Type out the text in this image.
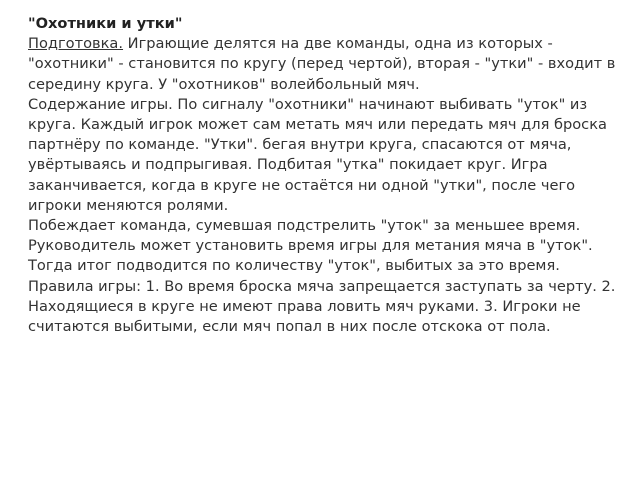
"Охотники и утки"

Подготовка. Играющие делятся на две команды, одна из которых - "охотники" - становится по кругу (перед чертой), вторая - "утки" - входит в середину круга. У "охотников" волейбольный мяч.

Содержание игры. По сигналу "охотники" начинают выбивать "уток" из круга. Каждый игрок может сам метать мяч или передать мяч для броска партнёру по команде. "Утки". бегая внутри круга, спасаются от мяча, увёртываясь и подпрыгивая. Подбитая "утка" покидает круг. Игра заканчивается, когда в круге не остаётся ни одной "утки", после чего игроки меняются ролями.

Побеждает команда, сумевшая подстрелить "уток" за меньшее время. Руководитель может установить время игры для метания мяча в "уток". Тогда итог подводится по количеству "уток", выбитых за это время.

Правила игры: 1. Во время броска мяча запрещается заступать за черту. 2. Находящиеся в круге не имеют права ловить мяч руками. 3. Игроки не считаются выбитыми, если мяч попал в них после отскока от пола.
